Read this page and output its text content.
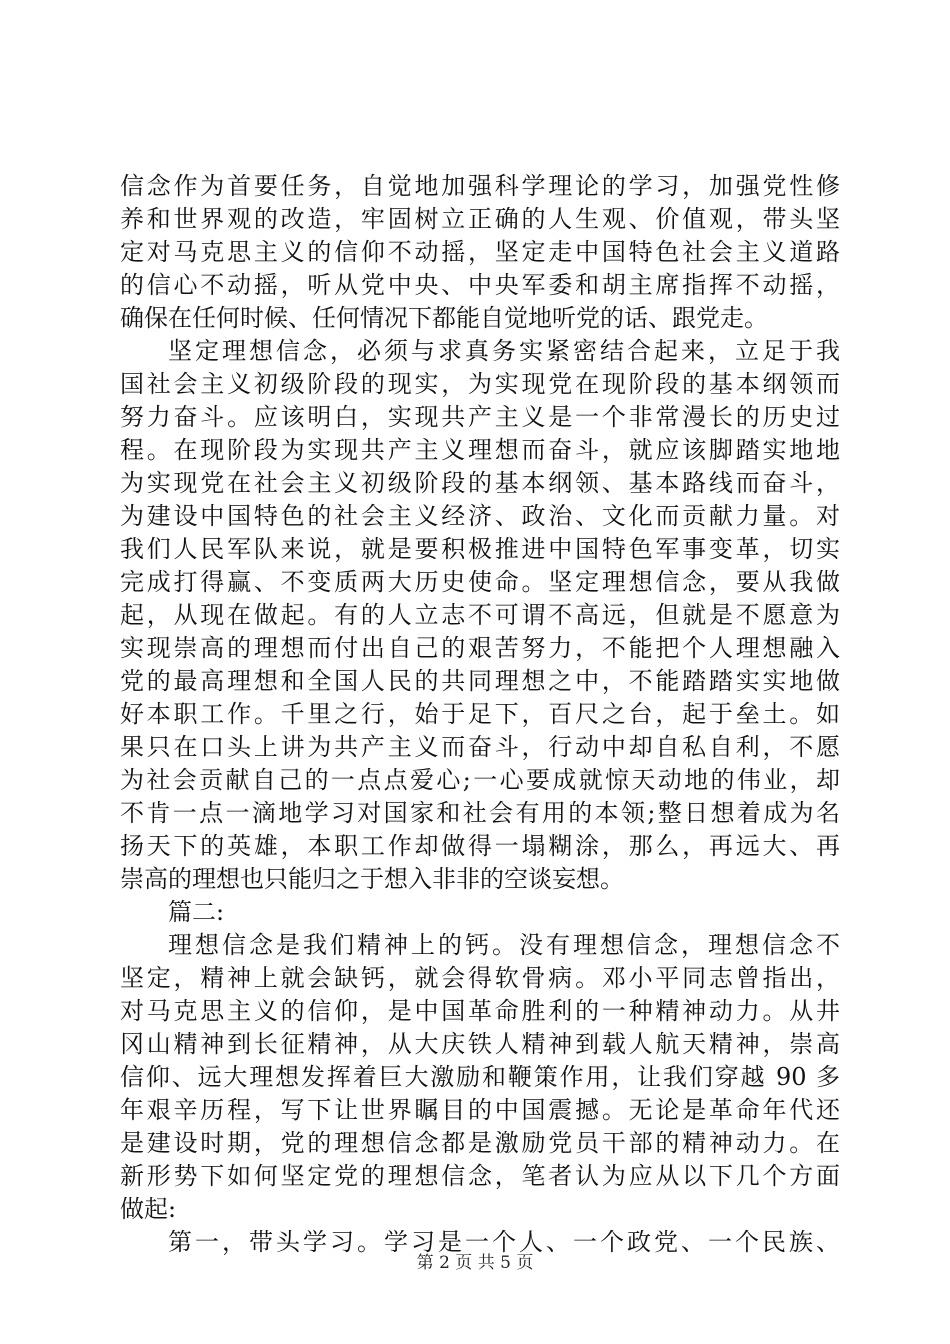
信念作为首要任务，自觉地加强科学理论的学习，加强党性修
养和世界观的改造，牢固树立正确的人生观、价值观，带头坚
定对马克思主义的信仰不动摇，坚定走中国特色社会主义道路
的信心不动摇，听从党中央、中央军委和胡主席指挥不动摇，
确保在任何时候、任何情况下都能自觉地听党的话、跟党走。
坚定理想信念，必须与求真务实紧密结合起来，立足于我
国社会主义初级阶段的现实，为实现党在现阶段的基本纲领而
努力奋斗。应该明白，实现共产主义是一个非常漫长的历史过
程。在现阶段为实现共产主义理想而奋斗，就应该脚踏实地地
为实现党在社会主义初级阶段的基本纲领、基本路线而奋斗，
为建设中国特色的社会主义经济、政治、文化而贡献力量。对
我们人民军队来说，就是要积极推进中国特色军事变革，切实
完成打得赢、不变质两大历史使命。坚定理想信念，要从我做
起，从现在做起。有的人立志不可谓不高远，但就是不愿意为
实现崇高的理想而付出自己的艰苦努力，不能把个人理想融入
党的最高理想和全国人民的共同理想之中，不能踏踏实实地做
好本职工作。千里之行，始于足下，百尺之台，起于垒土。如
果只在口头上讲为共产主义而奋斗，行动中却自私自利，不愿
为社会贡献自己的一点点爱心;一心要成就惊天动地的伟业，却
不肯一点一滴地学习对国家和社会有用的本领;整日想着成为名
扬天下的英雄，本职工作却做得一塌糊涂，那么，再远大、再
崇高的理想也只能归之于想入非非的空谈妄想。
篇二:
理想信念是我们精神上的钙。没有理想信念，理想信念不
坚定，精神上就会缺钙，就会得软骨病。邓小平同志曾指出，
对马克思主义的信仰，是中国革命胜利的一种精神动力。从井
冈山精神到长征精神，从大庆铁人精神到载人航天精神，崇高
信仰、远大理想发挥着巨大激励和鞭策作用，让我们穿越 90 多
年艰辛历程，写下让世界瞩目的中国震撼。无论是革命年代还
是建设时期，党的理想信念都是激励党员干部的精神动力。在
新形势下如何坚定党的理想信念，笔者认为应从以下几个方面
做起:
第一，带头学习。学习是一个人、一个政党、一个民族、
第 2 页 共 5 页
